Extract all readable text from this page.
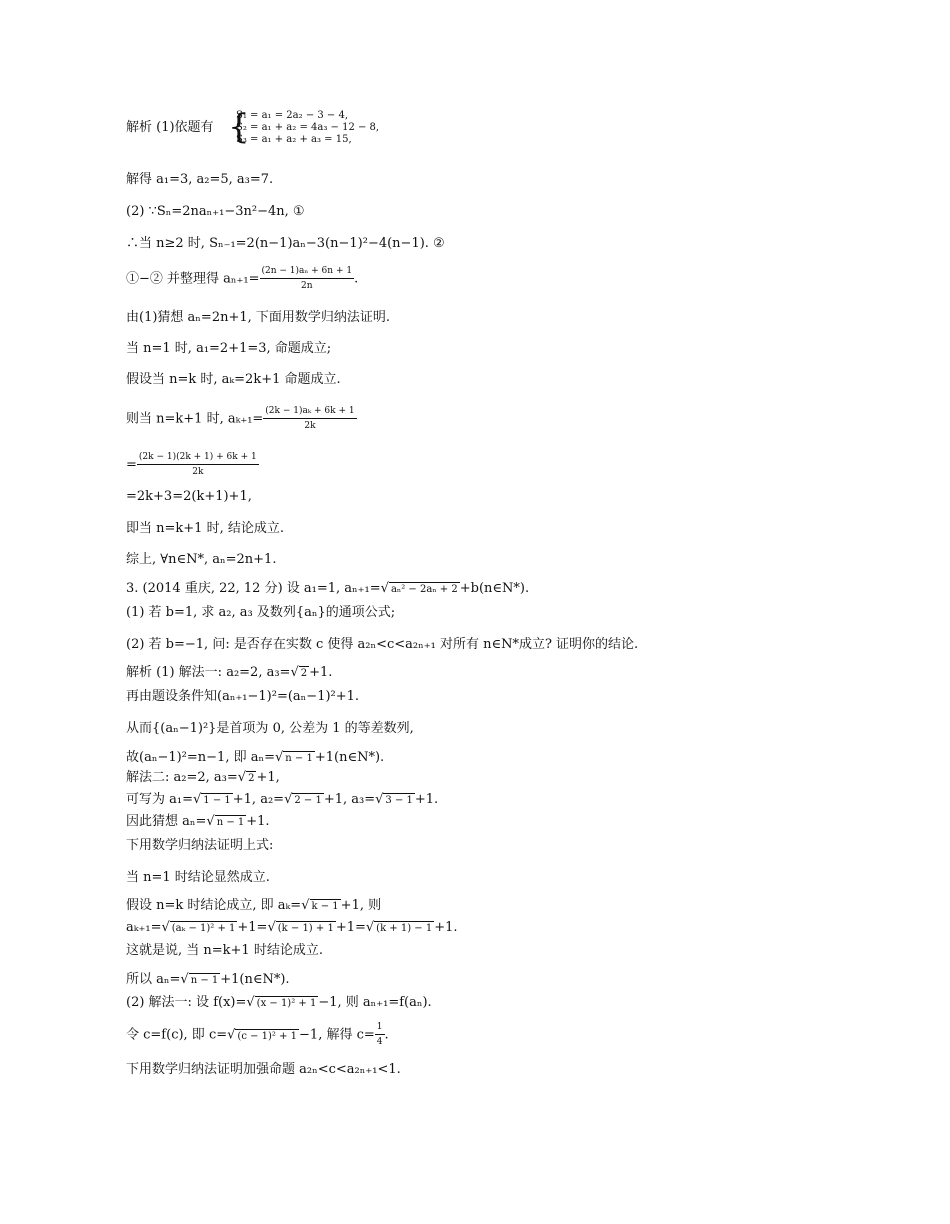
解析 (1)依题有 {
S₁ = a₁ = 2a₂ − 3 − 4,
S₂ = a₁ + a₂ = 4a₃ − 12 − 8,
S₃ = a₁ + a₂ + a₃ = 15,
解得 a₁=3, a₂=5, a₃=7.
(2) ∵Sₙ=2naₙ₊₁−3n²−4n, ①
∴当 n≥2 时, Sₙ₋₁=2(n−1)aₙ−3(n−1)²−4(n−1). ②
①−② 并整理得 $a_{n+1}= \frac{\text{(2n − 1)aₙ + 6n + 1}}{2n}$ .
由(1)猜想 aₙ=2n+1, 下面用数学归纳法证明.
当 n=1 时, a₁=2+1=3, 命题成立;
假设当 n=k 时, aₖ=2k+1 命题成立.
则当 n=k+1 时, $a_{k+1}= \frac{\text{(2k − 1)aₖ + 6k + 1}}{2k}$
= $\frac{(2k - 1)(2k + 1) + 6k + 1}{2k}$
=2k+3=2(k+1)+1,
即当 n=k+1 时, 结论成立.
综上, ∀n∈N*, aₙ=2n+1.
3. (2014 重庆, 22, 12 分) 设 a₁=1, aₙ₊₁=√ aₙ² − 2aₙ + 2 +b(n∈N*).
(1) 若 b=1, 求 a₂, a₃ 及数列{aₙ}的通项公式;
(2) 若 b=−1, 问: 是否存在实数 c 使得 a₂ₙ<c<a₂ₙ₊₁ 对所有 n∈N*成立? 证明你的结论.
解析 (1) 解法一: a₂=2, a₃=√ 2 +1.
再由题设条件知(aₙ₊₁−1)²=(aₙ−1)²+1.
从而{(aₙ−1)²}是首项为 0, 公差为 1 的等差数列,
故(aₙ−1)²=n−1, 即 aₙ=√ n − 1 +1(n∈N*).
解法二: a₂=2, a₃=√ 2 +1,
可写为 a₁=√ 1 − 1 +1, a₂=√ 2 − 1 +1, a₃=√ 3 − 1 +1.
因此猜想 aₙ=√ n − 1 +1.
下用数学归纳法证明上式:
当 n=1 时结论显然成立.
假设 n=k 时结论成立, 即 aₖ=√ k − 1 +1, 则
aₖ₊₁=√ (aₖ − 1)² + 1 +1=√ (k − 1) + 1 +1=√ (k + 1) − 1 +1.
这就是说, 当 n=k+1 时结论成立.
所以 aₙ=√ n − 1 +1(n∈N*).
(2) 解法一: 设 f(x)=√ (x − 1)² + 1 −1, 则 aₙ₊₁=f(aₙ).
令 c=f(c), 即 c=√ (c − 1)² + 1 −1, 解得 $c= \frac{1}{4}$ .
下用数学归纳法证明加强命题 a₂ₙ<c<a₂ₙ₊₁<1.
